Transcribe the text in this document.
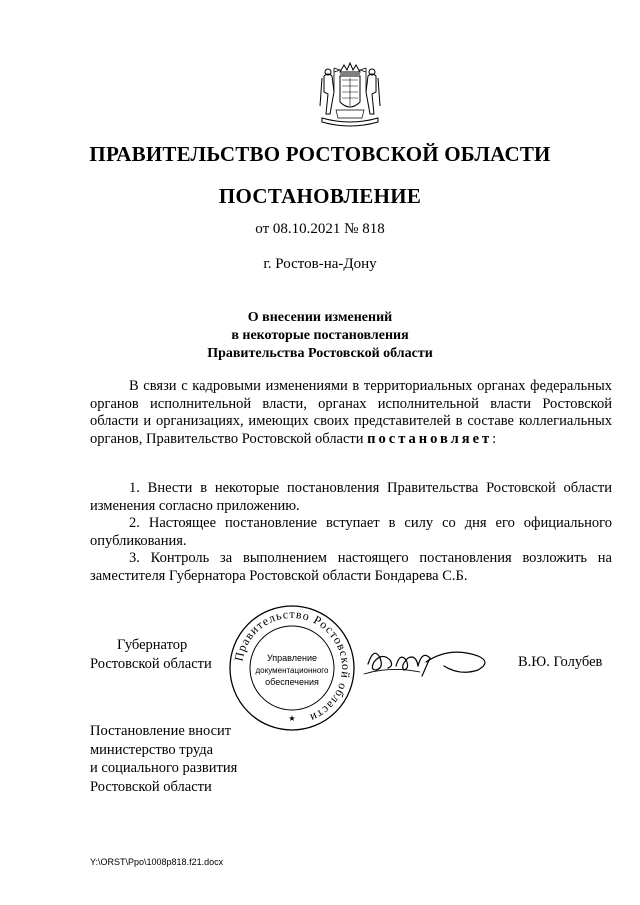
ПРАВИТЕЛЬСТВО РОСТОВСКОЙ ОБЛАСТИ
ПОСТАНОВЛЕНИЕ
от 08.10.2021 № 818
г. Ростов-на-Дону
О внесении изменений
в некоторые постановления
Правительства Ростовской области
В связи с кадровыми изменениями в территориальных органах федеральных органов исполнительной власти, органах исполнительной власти Ростовской области и организациях, имеющих своих представителей в составе коллегиальных органов, Правительство Ростовской области постановляет:

1. Внести в некоторые постановления Правительства Ростовской области изменения согласно приложению.

2. Настоящее постановление вступает в силу со дня его официального опубликования.

3. Контроль за выполнением настоящего постановления возложить на заместителя Губернатора Ростовской области Бондарева С.Б.

Губернатор
Ростовской области Правительство Ростовской области
Управление
документационного
обеспечения
★
В.Ю. Голубев
Постановление вносит
министерство труда
и социального развития
Ростовской области
Y:\ORST\Ppo\1008p818.f21.docx
